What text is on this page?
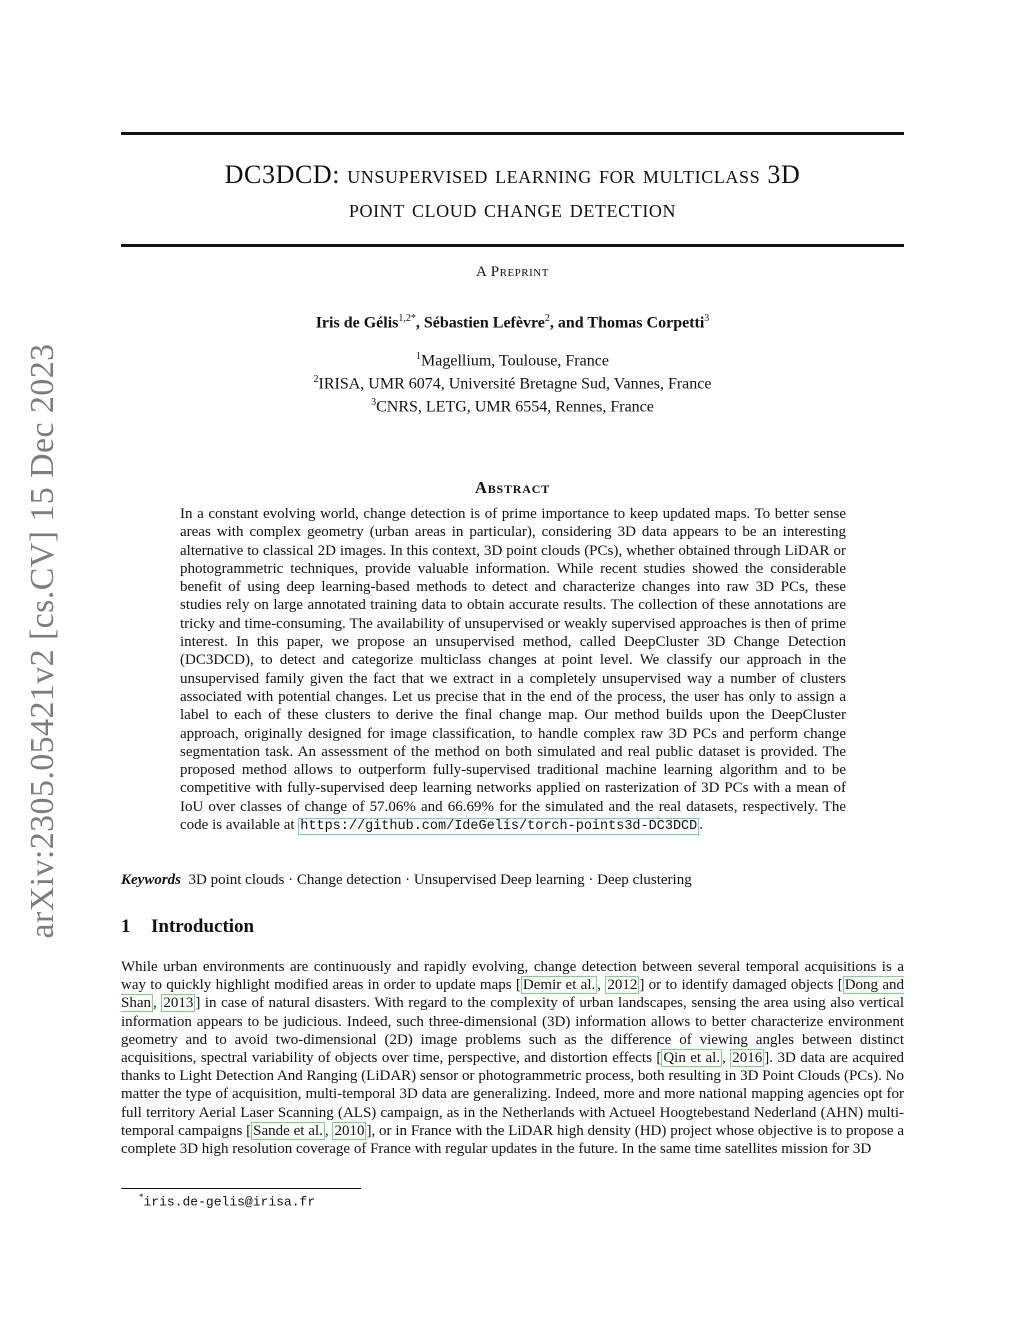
arXiv:2305.05421v2 [cs.CV] 15 Dec 2023
DC3DCD: unsupervised learning for multiclass 3D
point cloud change detection
A Preprint
Iris de Gélis$^{1,2*}$, Sébastien Lefèvre$^2$, and Thomas Corpetti$^3$
$^1$Magellium, Toulouse, France
$^2$IRISA, UMR 6074, Université Bretagne Sud, Vannes, France
$^3$CNRS, LETG, UMR 6554, Rennes, France
Abstract
In a constant evolving world, change detection is of prime importance to keep updated maps. To better sense areas with complex geometry (urban areas in particular), considering 3D data appears to be an interesting alternative to classical 2D images. In this context, 3D point clouds (PCs), whether obtained through LiDAR or photogrammetric techniques, provide valuable information. While recent studies showed the considerable benefit of using deep learning-based methods to detect and characterize changes into raw 3D PCs, these studies rely on large annotated training data to obtain accurate results. The collection of these annotations are tricky and time-consuming. The availability of unsupervised or weakly supervised approaches is then of prime interest. In this paper, we propose an unsupervised method, called DeepCluster 3D Change Detection (DC3DCD), to detect and categorize multiclass changes at point level. We classify our approach in the unsupervised family given the fact that we extract in a completely unsupervised way a number of clusters associated with potential changes. Let us precise that in the end of the process, the user has only to assign a label to each of these clusters to derive the final change map. Our method builds upon the DeepCluster approach, originally designed for image classification, to handle complex raw 3D PCs and perform change segmentation task. An assessment of the method on both simulated and real public dataset is provided. The proposed method allows to outperform fully-supervised traditional machine learning algorithm and to be competitive with fully-supervised deep learning networks applied on rasterization of 3D PCs with a mean of IoU over classes of change of 57.06% and 66.69% for the simulated and the real datasets, respectively. The code is available at https://github.com/IdeGelis/torch-points3d-DC3DCD .
Keywords 3D point clouds · Change detection · Unsupervised Deep learning · Deep clustering
1 Introduction
While urban environments are continuously and rapidly evolving, change detection between several temporal acquisitions is a way to quickly highlight modified areas in order to update maps [ Demir et al. , 2012 ] or to identify damaged objects [ Dong and Shan , 2013 ] in case of natural disasters. With regard to the complexity of urban landscapes, sensing the area using also vertical information appears to be judicious. Indeed, such three-dimensional (3D) information allows to better characterize environment geometry and to avoid two-dimensional (2D) image problems such as the difference of viewing angles between distinct acquisitions, spectral variability of objects over time, perspective, and distortion effects [ Qin et al. , 2016 ]. 3D data are acquired thanks to Light Detection And Ranging (LiDAR) sensor or photogrammetric process, both resulting in 3D Point Clouds (PCs). No matter the type of acquisition, multi-temporal 3D data are generalizing. Indeed, more and more national mapping agencies opt for full territory Aerial Laser Scanning (ALS) campaign, as in the Netherlands with Actueel Hoogtebestand Nederland (AHN) multi-temporal campaigns [ Sande et al. , 2010 ], or in France with the LiDAR high density (HD) project whose objective is to propose a complete 3D high resolution coverage of France with regular updates in the future. In the same time satellites mission for 3D
*iris.de-gelis@irisa.fr
